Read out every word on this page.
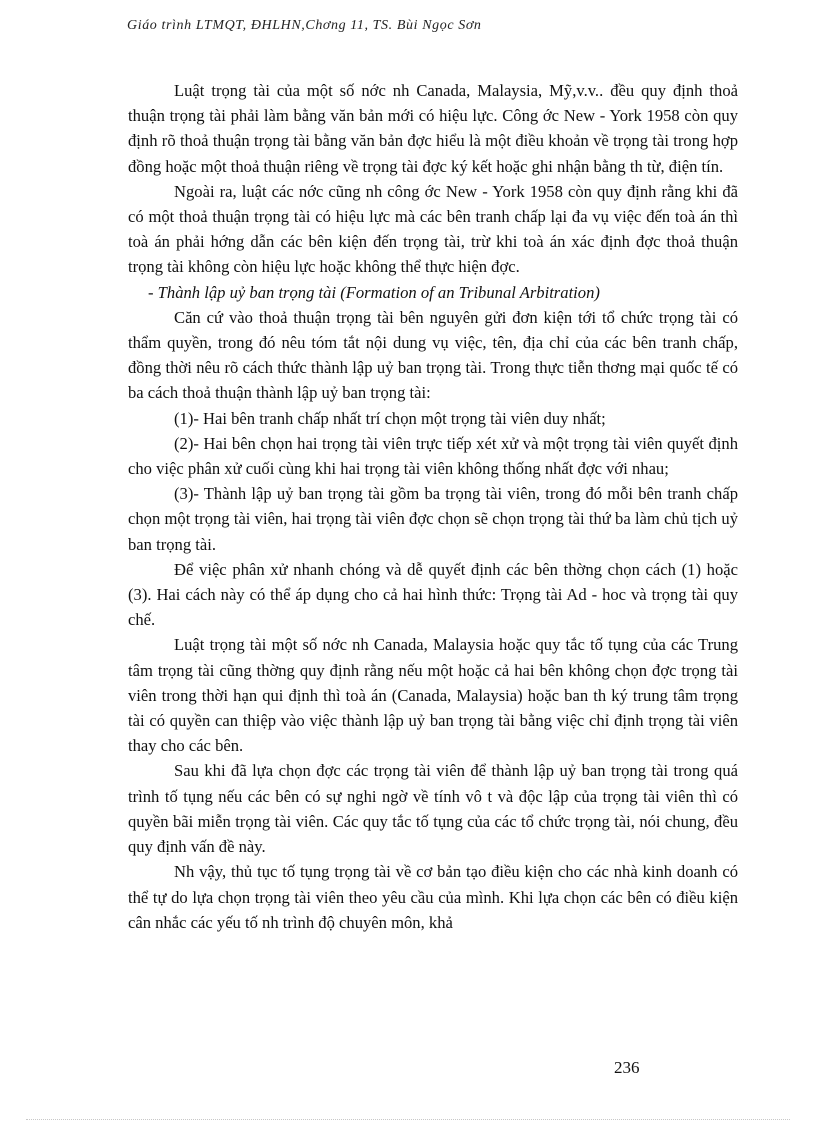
Giáo trình LTMQT, ĐHLHN,Chơng 11, TS. Bùi Ngọc Sơn

Luật trọng tài của một số nớc nh Canada, Malaysia, Mỹ,v.v.. đều quy định thoả thuận trọng tài phải làm bằng văn bản mới có hiệu lực. Công ớc New - York 1958 còn quy định rõ thoả thuận trọng tài bằng văn bản đợc hiểu là một điều khoản về trọng tài trong hợp đồng hoặc một thoả thuận riêng về trọng tài đợc ký kết hoặc ghi nhận bằng th từ, điện tín.

Ngoài ra, luật các nớc cũng nh công ớc New - York 1958 còn quy định rằng khi đã có một thoả thuận trọng tài có hiệu lực mà các bên tranh chấp lại đa vụ việc đến toà án thì toà án phải hớng dẫn các bên kiện đến trọng tài, trừ khi toà án xác định đợc thoả thuận trọng tài không còn hiệu lực hoặc không thể thực hiện đợc.

- Thành lập uỷ ban trọng tài (Formation of an Tribunal Arbitration)

Căn cứ vào thoả thuận trọng tài bên nguyên gửi đơn kiện tới tổ chức trọng tài có thẩm quyền, trong đó nêu tóm tắt nội dung vụ việc, tên, địa chỉ của các bên tranh chấp, đồng thời nêu rõ cách thức thành lập uỷ ban trọng tài. Trong thực tiễn thơng mại quốc tế có ba cách thoả thuận thành lập uỷ ban trọng tài:

(1)- Hai bên tranh chấp nhất trí chọn một trọng tài viên duy nhất;

(2)- Hai bên chọn hai trọng tài viên trực tiếp xét xử và một trọng tài viên quyết định cho việc phân xử cuối cùng khi hai trọng tài viên không thống nhất đợc với nhau;

(3)- Thành lập uỷ ban trọng tài gồm ba trọng tài viên, trong đó mỗi bên tranh chấp chọn một trọng tài viên, hai trọng tài viên đợc chọn sẽ chọn trọng tài thứ ba làm chủ tịch uỷ ban trọng tài.

Để việc phân xử nhanh chóng và dễ quyết định các bên thờng chọn cách (1) hoặc (3). Hai cách này có thể áp dụng cho cả hai hình thức: Trọng tài Ad - hoc và trọng tài quy chế.

Luật trọng tài một số nớc nh Canada, Malaysia hoặc quy tắc tố tụng của các Trung tâm trọng tài cũng thờng quy định rằng nếu một hoặc cả hai bên không chọn đợc trọng tài viên trong thời hạn qui định thì toà án (Canada, Malaysia) hoặc ban th ký trung tâm trọng tài có quyền can thiệp vào việc thành lập uỷ ban trọng tài bằng việc chỉ định trọng tài viên thay cho các bên.

Sau khi đã lựa chọn đợc các trọng tài viên để thành lập uỷ ban trọng tài trong quá trình tố tụng nếu các bên có sự nghi ngờ về tính vô t và độc lập của trọng tài viên thì có quyền bãi miễn trọng tài viên. Các quy tắc tố tụng của các tổ chức trọng tài, nói chung, đều quy định vấn đề này.

Nh vậy, thủ tục tố tụng trọng tài về cơ bản tạo điều kiện cho các nhà kinh doanh có thể tự do lựa chọn trọng tài viên theo yêu cầu của mình. Khi lựa chọn các bên có điều kiện cân nhắc các yếu tố nh trình độ chuyên môn, khả

236
